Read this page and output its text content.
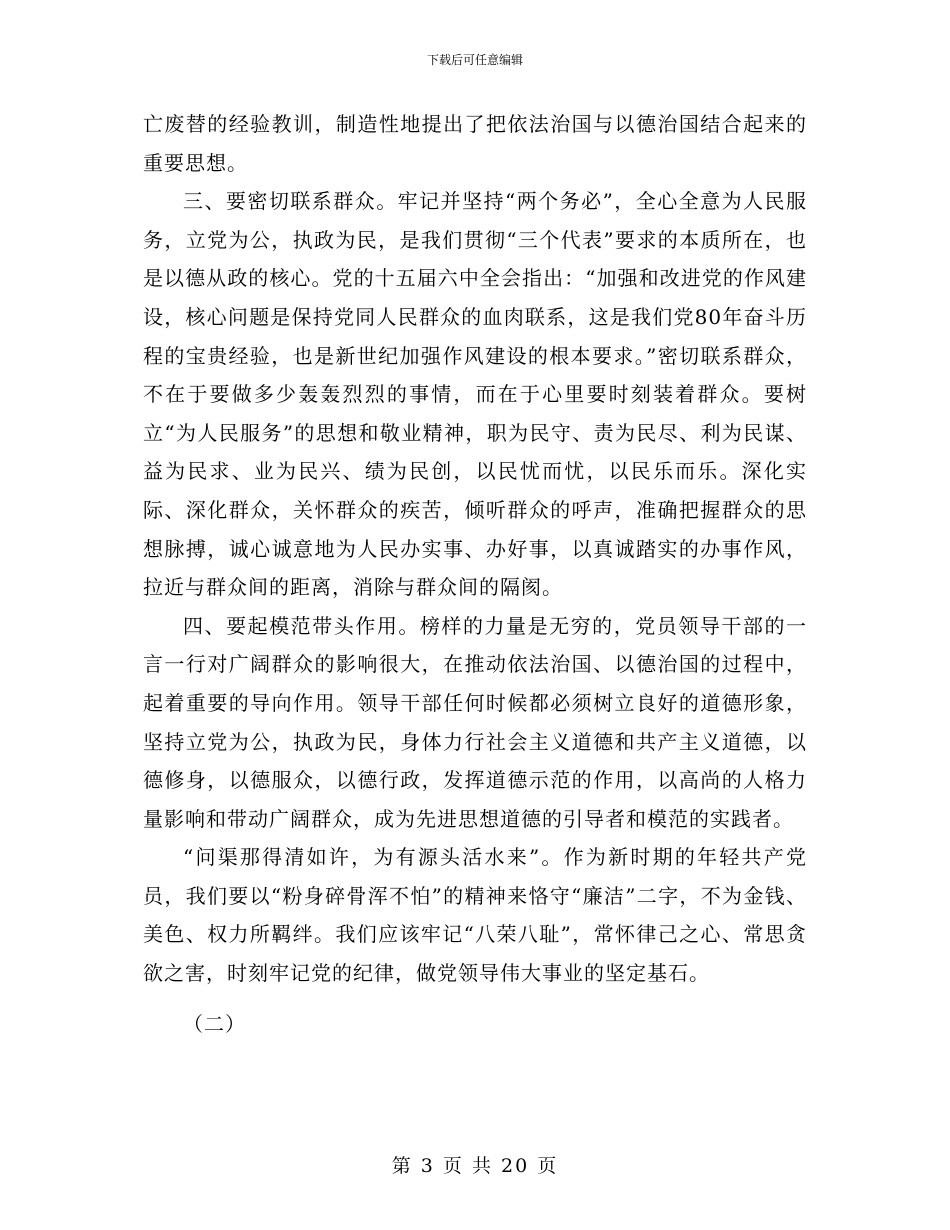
下载后可任意编辑

亡废替的经验教训，制造性地提出了把依法治国与以德治国结合起来的重要思想。

三、要密切联系群众。牢记并坚持“两个务必”，全心全意为人民服务，立党为公，执政为民，是我们贯彻“三个代表”要求的本质所在，也是以德从政的核心。党的十五届六中全会指出：“加强和改进党的作风建设，核心问题是保持党同人民群众的血肉联系，这是我们党80年奋斗历程的宝贵经验，也是新世纪加强作风建设的根本要求。”密切联系群众，不在于要做多少轰轰烈烈的事情，而在于心里要时刻装着群众。要树立“为人民服务”的思想和敬业精神，职为民守、责为民尽、利为民谋、益为民求、业为民兴、绩为民创，以民忧而忧，以民乐而乐。深化实际、深化群众，关怀群众的疾苦，倾听群众的呼声，准确把握群众的思想脉搏，诚心诚意地为人民办实事、办好事，以真诚踏实的办事作风，拉近与群众间的距离，消除与群众间的隔阂。

四、要起模范带头作用。榜样的力量是无穷的，党员领导干部的一言一行对广阔群众的影响很大，在推动依法治国、以德治国的过程中，起着重要的导向作用。领导干部任何时候都必须树立良好的道德形象，坚持立党为公，执政为民，身体力行社会主义道德和共产主义道德，以德修身，以德服众，以德行政，发挥道德示范的作用，以高尚的人格力量影响和带动广阔群众，成为先进思想道德的引导者和模范的实践者。

“问渠那得清如许，为有源头活水来”。作为新时期的年轻共产党员，我们要以“粉身碎骨浑不怕”的精神来恪守“廉洁”二字，不为金钱、美色、权力所羁绊。我们应该牢记“八荣八耻”，常怀律己之心、常思贪欲之害，时刻牢记党的纪律，做党领导伟大事业的坚定基石。

（二）

第 3 页 共 20 页
